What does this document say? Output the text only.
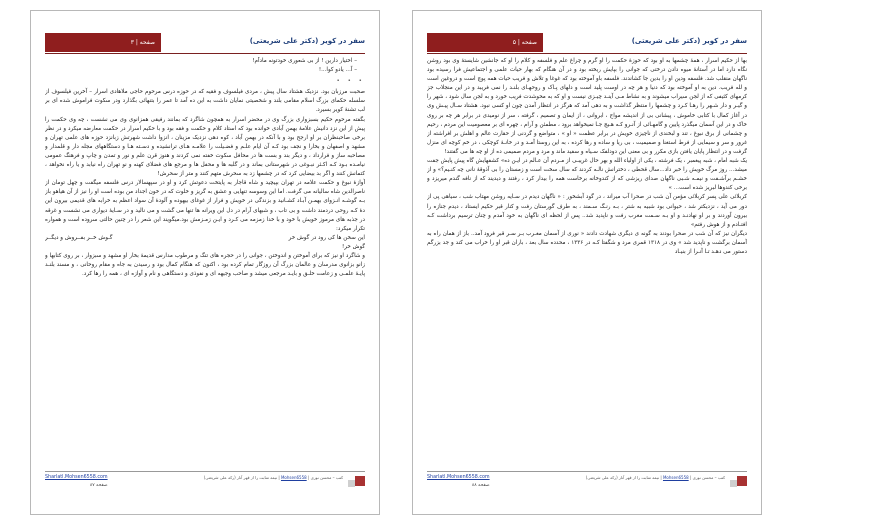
سفر در کویر (دکتر علی شریعتی)
صفحه | ۳

– اختیار دارین ! از بی شعوری خودتونه ماداَم!

– آ... یادو کوا...!

• • •

صحبت مرزبان بود. نزدیک هشتاد سال پیش ، مردی فیلسوف و فقیه که در حوزه درس مرحوم حاجی ملاهادی اسرار – آخرین فیلسوف از سلسله حکمای بزرگ اسلام مقامی بلند و شخصیتی نمایان داشت به این ده آمد تا عمر را بتنهائی بگذارد ودر سکوت فراموش شده ای بر لب تشنهٔ کویر بسیرد.

بگفته مرحوم حکیم بسبزواری بزرگ وی در محضر اسرار به همچون شاگرد که بمانند رفیقی همزانوی وی می نشست ، چه وی حکمت را پیش از این نزد دانیش علامهٔ بهمن آبادی خوانده بود که استاد کلام و حکمت و فقه بود و با حکیم اسرار در حکمت معارضه میکرد و در نظر برخی صاحبنظران بر او ارجح بود و با آنکه در بهمن آباد ، کوه دهی نزدیک مزینان ، انزوا داشت شهرتش زبانزد حوزه های علمی تهران و مشهد و اصفهان و بخارا و نجف بود کـه آن ایام علـم و فضـیلت را علامـه هـای ترانشیده و دسـته هـا و دستگاههای مجله دار و قلمدار و مصاحبه ساز و فرارداد ، و دیگر بند و بست ها در محافل سکوت خفته نمی کردند و هنوز قرن علم و نور و تمدن و چاپ و فرهنگ عمومی نیامـده بـود کـه اکـثر نبـوغی در شهرستانی بماند و در گلبه ها و محفل ها و مرجع های فضلای کهنه و نو تهران راه نیابد و یا راه نخواهد ، کتمانش کنند و اگر بد بیضایی کرد که در چشمها زد به سحرش متهم کنند و متر از سحرش!

آوازهٔ نبوغ و حکمت علامه در تهران بپیچید و شاه قاجار به پایتخت دعوتش کرد و او در سپهسالار درس فلسفه میگفت و چهل تومان از ناصرالدین شاه سالیانه می گرفت. اما این وسوسه تنهایی و عشق به گریز و خلوت که در خون اجداد من بوده است او را نیز از آن هیاهو باز بـه گوشـه انـزوای بهمـن آبـاد کشـانید و بزندگی در خویش و فرار از غوغای بیهوده و آلودهٔ آن سواد اعظم به خرابه های قدیمی بیرون این دهٔ کـه روحی دردمند داشت و بی تاب ، و شبهای آرام در دل این ویرانه ها تنها می گشت و می نالید و در سـایهٔ دیواری می نشست و غرقه در جذبه های مرموز خویش با خود و با خدا زمزمه می کـرد و ایـن زمـزمش بود.میگویند این شعر را در چنین حالتی سروده است و همواره تکرار میکرد:

این سخن ها کی رود در گوش خر
گـوش خــر بفــروش و دیگــر

گوش خر!

و شاگرد او نیز که برای آموختن و اندوختن ، جوانی را در حجره های تنگ و مرطوب مدارس قدیمهٔ بخار او مشهد و سبزوار ، بر روی کتابها و زانو بزانوی مدرسان و عالمان بزرگ آن روزگار تمام کرده بود ، اکنون که هنگام کمال بود و رسیدن به جاه و مقام روحانی ، و مسند بلنـد پایـهٔ علمـی و زعامت خلـق و بایـد مرجعی میشد و صاحب وجیهه ای و نفوذی و دستگاهی و نام و آوازه ای ، همه را رها کرد.

کتب – محسن نوری | Mohsen6558 | نیمه منابت را از قهر آنار (رکه علی شریعتی)
Sharlatl.Mohsen6558.com
صفحه ۸۷
سفر در کویر (دکتر علی شریعتی)
صفحه | ۵

بها از حکیم اسرار ، همهٔ چشمها به او بود که حوزهٔ حکمت را او گرم و چراغ علم و فلسفه و کلام را او که جانشین شایستهٔ وی بود روشن نگاه دارد اما در آستانهٔ میوه دادن درختی که جوانی را بپایش ریخته بود و در آن هنگام که بهار حیات علمی و اجتماعیش فرا رسیده بود ناگهان منقلب شد. فلسفه ودین او را بدین جا کشاندند. فلسفه باو آموخته بود که غوغا و تلاش و فریب حیات همه پوچ است و دروغین است و لله فریب. دین به او آموخته بود که دنیا و هر چه در اوست پلید است و دلهای پـاک و روحهـای بلنـد را نمی فریبد و در این منجلاب جز کرمهای کثیفی که از لجن سیراب میشوند و به نشاط مـی آینـد چیـزی نیست و او که به محوشدت فریب خورد و به لجن سال شود ، شهر را و گیـر و دار شـهر را رهـا کـرد و چشمها را منتظر گذاشت و به دهی آمد که هرگز در انتظار آمدن چون او کسی نبود. هشتاد سـال پیـش وی در آغاز کمال با کتابی خاموش ، پیشانی بی از اندیشه مواج ، ابروانی ، از ایمان و تصمیم ، گرفته ، سر از نومیدی در برابر هر چه بر روی خاک و در این آسمان میگذرد پایین و گامهـائی از آنـرو کـه هـیچ جـا نمیخواهد برود ، مطمئن و آرام ، چهره ای بر معصومیت این مردم ، رحیم و چشمانی از برق نبوغ ، تند و لبخندی از ناچیزی خویش در برابر عظمت « او » ، متواضع و گردنی از حقارت عالم و اهلش بر افراشته از غرور و سر و سیمایی از فرط استغنا و صمیمیت ، بی ریا و ساده و رها کرده ، به این روستا آمـد و در خانـهٔ کوچکی ، در خم کوچه ای منزل گرفت و در انتظار پایان یافتن بازی مکرر و بی معنی این دودلفک سـیاه و سفید ماند و مرد و مردم صمیمی ده از او چه ها می گفتند!

یک شبه امام ، شبه پیغمبر ، یک فرشته ، یکی از اولیاء الله و بهر حال غریبـی از مـردم آن عـالم در ایـن ده» کشفهایش گاه پیش پایش جفت میشد... روز مرگ خویش را خبر داد...سال قحطی ، دخترانش نالـه کردند که سال سخت است و زمستان را بی آذوقهٔ نانی چه کنـیم؟» و از خشـم برآشـفت و نیمـه شـبی ناگهان صدای ریزشی که از کندوخانه برخاست همه را بیدار کرد ، رفتند و دیدیند که از نافه گندم میریزد و برخی کندوها لبریز شده است... »

کربلائی علی پسر کربلائی مؤمن آن شب در صحرا آب میراند ، در گود آبشخور : « ناگهان دیدم در سـایه روشن مهتاب شب ، سیاهی پی از دور می آید ، نزدیکتر شد ، حیوانی بود شبیه به شتر ، بـه رنـگ سـمند ، به طرف گورستان رفت و کنار قبر حکیم ایستاد ، دیدم جنازه را بیرون آوردند و بر او نهادنـد و او بـه سـمت مغرب رفت و ناپدید شد.. پس از لحظه ای ناگهان به خود آمدم و چنان ترسیم برداشت کـه افتـادم و از هوش رفتم»

دیگران نیز که آن شب در صحرا بودند به گونه ی دیگری شهادت دادند « نوری از آسمان مغـرب بـر سـر قبر فرود آمد.. باز از همان راه به آسمان برگشت و ناپدید شد » وی در ۱۳۱۸ قمری مرد و شگفتا کـه در ۱۳۳۶ ، محدده سال بعد ، باران قبر او را خراب می کند و جد بزرگم دستور می دهـد تـا آنـرا از بنیـاد

کتب – محسن نوری | Mohsen6558 | نیمه منابت را از قهر آنار (رکه علی شریعتی)
Sharlatl.Mohsen6558.com
صفحه ۸۸
